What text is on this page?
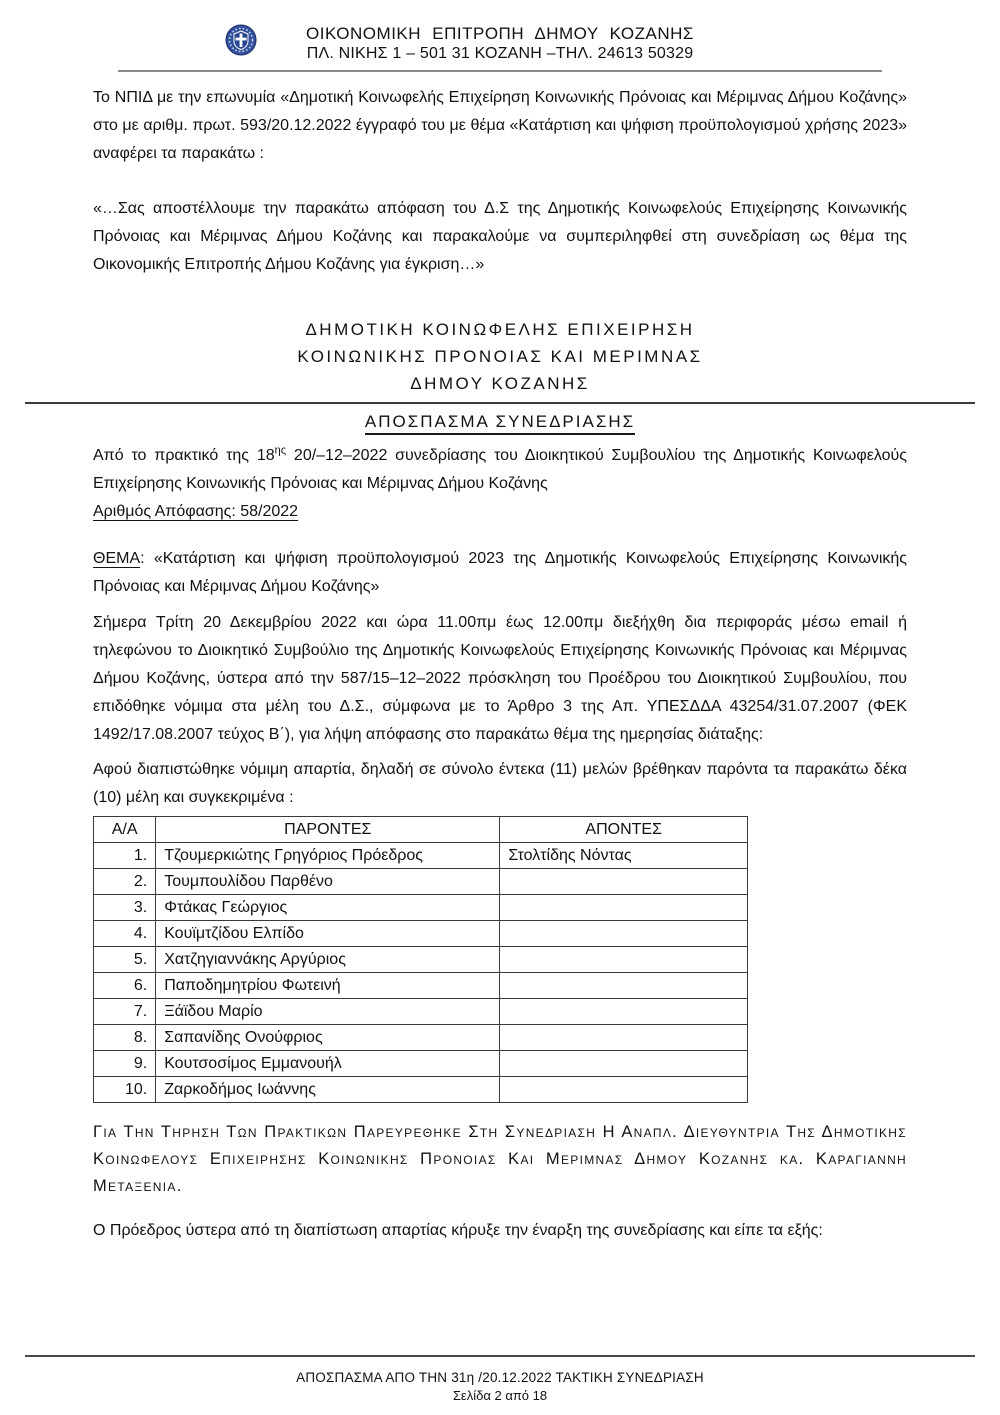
ΟΙΚΟΝΟΜΙΚΗ ΕΠΙΤΡΟΠΗ ΔΗΜΟΥ ΚΟΖΑΝΗΣ
ΠΛ. ΝΙΚΗΣ 1 – 501 31 ΚΟΖΑΝΗ –ΤΗΛ. 24613 50329

Το ΝΠΙΔ με την επωνυμία «Δημοτική Κοινωφελής Επιχείρηση Κοινωνικής Πρόνοιας και Μέριμνας Δήμου Κοζάνης» στο με αριθμ. πρωτ. 593/20.12.2022 έγγραφό του με θέμα «Κατάρτιση και ψήφιση προϋπολογισμού χρήσης 2023» αναφέρει τα παρακάτω :

«…Σας αποστέλλουμε την παρακάτω απόφαση του Δ.Σ της Δημοτικής Κοινωφελούς Επιχείρησης Κοινωνικής Πρόνοιας και Μέριμνας Δήμου Κοζάνης και παρακαλούμε να συμπεριληφθεί στη συνεδρίαση ως θέμα της Οικονομικής Επιτροπής Δήμου Κοζάνης για έγκριση…»

ΔΗΜΟΤΙΚΗ ΚΟΙΝΩΦΕΛΗΣ ΕΠΙΧΕΙΡΗΣΗ
ΚΟΙΝΩΝΙΚΗΣ ΠΡΟΝΟΙΑΣ ΚΑΙ ΜΕΡΙΜΝΑΣ
ΔΗΜΟΥ ΚΟΖΑΝΗΣ
ΑΠΟΣΠΑΣΜΑ ΣΥΝΕΔΡΙΑΣΗΣ

Από το πρακτικό της $18^{\eta\varsigma}$ 20/–12–2022 συνεδρίασης του Διοικητικού Συμβουλίου της Δημοτικής Κοινωφελούς Επιχείρησης Κοινωνικής Πρόνοιας και Μέριμνας Δήμου Κοζάνης

Αριθμός Απόφασης: 58/2022

ΘΕΜΑ: «Κατάρτιση και ψήφιση προϋπολογισμού 2023 της Δημοτικής Κοινωφελούς Επιχείρησης Κοινωνικής Πρόνοιας και Μέριμνας Δήμου Κοζάνης»

Σήμερα Τρίτη 20 Δεκεμβρίου 2022 και ώρα 11.00πμ έως 12.00πμ διεξήχθη δια περιφοράς μέσω email ή τηλεφώνου το Διοικητικό Συμβούλιο της Δημοτικής Κοινωφελούς Επιχείρησης Κοινωνικής Πρόνοιας και Μέριμνας Δήμου Κοζάνης, ύστερα από την 587/15–12–2022 πρόσκληση του Προέδρου του Διοικητικού Συμβουλίου, που επιδόθηκε νόμιμα στα μέλη του Δ.Σ., σύμφωνα με το Άρθρο 3 της Απ. ΥΠΕΣΔΔΑ 43254/31.07.2007 (ΦΕΚ 1492/17.08.2007 τεύχος Β΄), για λήψη απόφασης στο παρακάτω θέμα της ημερησίας διάταξης:

Αφού διαπιστώθηκε νόμιμη απαρτία, δηλαδή σε σύνολο έντεκα (11) μελών βρέθηκαν παρόντα τα παρακάτω δέκα (10) μέλη και συγκεκριμένα :

Α/Α	ΠΑΡΟΝΤΕΣ	ΑΠΟΝΤΕΣ
1.	Τζουμερκιώτης Γρηγόριος Πρόεδρος	Στολτίδης Νόντας
2.	Τουμπουλίδου Παρθένο	
3.	Φτάκας Γεώργιος	
4.	Κουϊμτζίδου Ελπίδο	
5.	Χατζηγιαννάκης Αργύριος	
6.	Παποδημητρίου Φωτεινή	
7.	Ξάϊδου Μαρίο	
8.	Σαπανίδης Ονούφριος	
9.	Κουτσοσίμος Εμμανουήλ	
10.	Ζαρκοδήμος Ιωάννης	

Για Την Τηρηση Των Πρακτικων Παρευρεθηκε Στη Συνεδριαση Η Αναπλ. Διευθυντρια Της Δημοτικης Κοινωφελους Επιχειρησης Κοινωνικης Προνοιας Και Μεριμνας Δημου Κοζανης κα. Καραγιαννη Μεταξενια.

Ο Πρόεδρος ύστερα από τη διαπίστωση απαρτίας κήρυξε την έναρξη της συνεδρίασης και είπε τα εξής:

ΑΠΟΣΠΑΣΜΑ ΑΠΟ ΤΗΝ 31η /20.12.2022 ΤΑΚΤΙΚΗ ΣΥΝΕΔΡΙΑΣΗ
Σελίδα 2 από 18
